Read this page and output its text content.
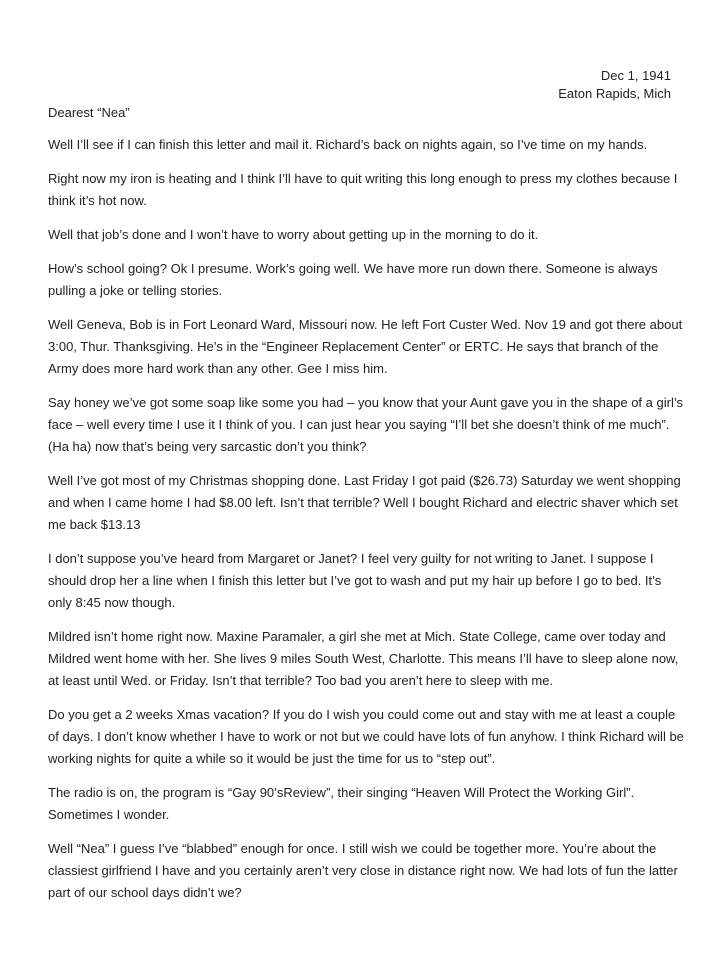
Dec 1, 1941
Eaton Rapids, Mich

Dearest “Nea”

Well I’ll see if I can finish this letter and mail it. Richard’s back on nights again, so I’ve time on my hands.

Right now my iron is heating and I think I’ll have to quit writing this long enough to press my clothes because I think it’s hot now.

Well that job’s done and I won’t have to worry about getting up in the morning to do it.

How’s school going? Ok I presume. Work’s going well. We have more run down there. Someone is always pulling a joke or telling stories.

Well Geneva, Bob is in Fort Leonard Ward, Missouri now. He left Fort Custer Wed. Nov 19 and got there about 3:00, Thur. Thanksgiving. He’s in the “Engineer Replacement Center” or ERTC. He says that branch of the Army does more hard work than any other. Gee I miss him.

Say honey we’ve got some soap like some you had – you know that your Aunt gave you in the shape of a girl’s face – well every time I use it I think of you. I can just hear you saying “I’ll bet she doesn’t think of me much”. (Ha ha) now that’s being very sarcastic don’t you think?

Well I’ve got most of my Christmas shopping done. Last Friday I got paid ($26.73) Saturday we went shopping and when I came home I had $8.00 left. Isn’t that terrible? Well I bought Richard and electric shaver which set me back $13.13

I don’t suppose you’ve heard from Margaret or Janet? I feel very guilty for not writing to Janet. I suppose I should drop her a line when I finish this letter but I’ve got to wash and put my hair up before I go to bed. It’s only 8:45 now though.

Mildred isn’t home right now. Maxine Paramaler, a girl she met at Mich. State College, came over today and Mildred went home with her. She lives 9 miles South West, Charlotte. This means I’ll have to sleep alone now, at least until Wed. or Friday. Isn’t that terrible? Too bad you aren’t here to sleep with me.

Do you get a 2 weeks Xmas vacation? If you do I wish you could come out and stay with me at least a couple of days. I don’t know whether I have to work or not but we could have lots of fun anyhow. I think Richard will be working nights for quite a while so it would be just the time for us to “step out”.

The radio is on, the program is “Gay 90’sReview”, their singing “Heaven Will Protect the Working Girl”. Sometimes I wonder.

Well “Nea” I guess I’ve “blabbed” enough for once. I still wish we could be together more. You’re about the classiest girlfriend I have and you certainly aren’t very close in distance right now. We had lots of fun the latter part of our school days didn’t we?
